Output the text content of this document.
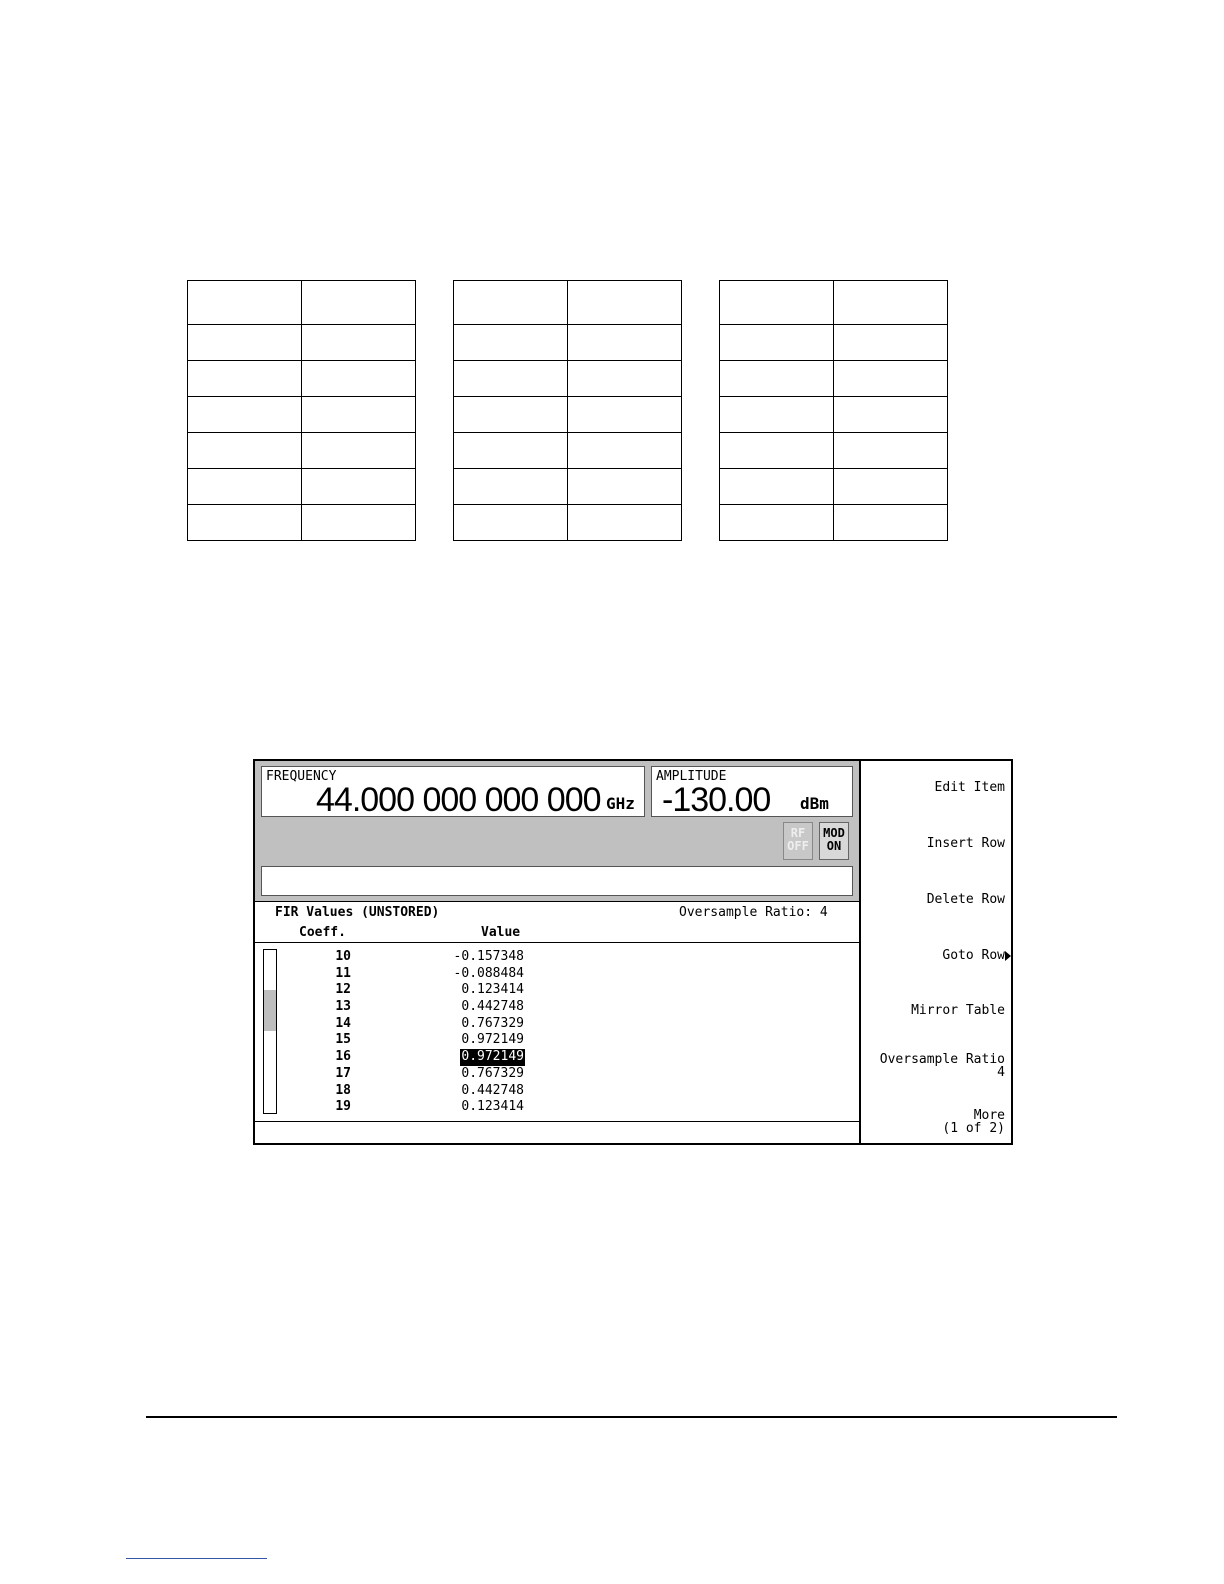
FREQUENCY
44.000 000 000 000 GHz
AMPLITUDE
-130.00 dBm
RF
OFF
MOD
ON
FIR Values (UNSTORED)	Oversample Ratio: 4
Coeff.	Value
10	-0.157348
11	-0.088484
12	0.123414
13	0.442748
14	0.767329
15	0.972149
16	0.972149
17	0.767329
18	0.442748
19	0.123414
Edit Item
Insert Row
Delete Row
Goto Row
Mirror Table
Oversample Ratio
4
More
(1 of 2)
